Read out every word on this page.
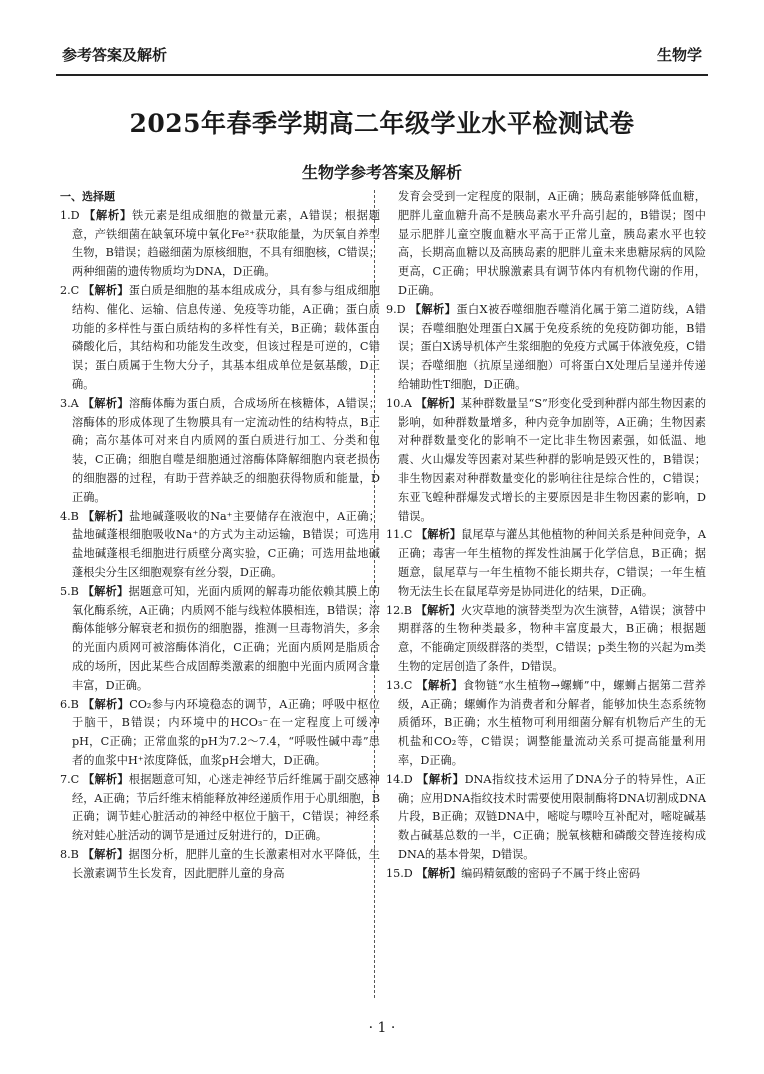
参考答案及解析	生物学
2025年春季学期高二年级学业水平检测试卷
生物学参考答案及解析

一、选择题

1.D 【解析】铁元素是组成细胞的微量元素，A错误；根据题意，产铁细菌在缺氧环境中氧化Fe²⁺获取能量，为厌氧自养型生物，B错误；趋磁细菌为原核细胞，不具有细胞核，C错误；两种细菌的遗传物质均为DNA，D正确。

2.C 【解析】蛋白质是细胞的基本组成成分，具有参与组成细胞结构、催化、运输、信息传递、免疫等功能，A正确；蛋白质功能的多样性与蛋白质结构的多样性有关，B正确；载体蛋白磷酸化后，其结构和功能发生改变，但该过程是可逆的，C错误；蛋白质属于生物大分子，其基本组成单位是氨基酸，D正确。

3.A 【解析】溶酶体酶为蛋白质，合成场所在核糖体，A错误；溶酶体的形成体现了生物膜具有一定流动性的结构特点，B正确；高尔基体可对来自内质网的蛋白质进行加工、分类和包装，C正确；细胞自噬是细胞通过溶酶体降解细胞内衰老损伤的细胞器的过程，有助于营养缺乏的细胞获得物质和能量，D正确。

4.B 【解析】盐地碱蓬吸收的Na⁺主要储存在液泡中，A正确；盐地碱蓬根细胞吸收Na⁺的方式为主动运输，B错误；可选用盐地碱蓬根毛细胞进行质壁分离实验，C正确；可选用盐地碱蓬根尖分生区细胞观察有丝分裂，D正确。

5.B 【解析】据题意可知，光面内质网的解毒功能依赖其膜上的氧化酶系统，A正确；内质网不能与线粒体膜相连，B错误；溶酶体能够分解衰老和损伤的细胞器，推测一旦毒物消失，多余的光面内质网可被溶酶体消化，C正确；光面内质网是脂质合成的场所，因此某些合成固醇类激素的细胞中光面内质网含量丰富，D正确。

6.B 【解析】CO₂参与内环境稳态的调节，A正确；呼吸中枢位于脑干，B错误；内环境中的HCO₃⁻在一定程度上可缓冲pH，C正确；正常血浆的pH为7.2～7.4，“呼吸性碱中毒”患者的血浆中H⁺浓度降低，血浆pH会增大，D正确。

7.C 【解析】根据题意可知，心迷走神经节后纤维属于副交感神经，A正确；节后纤维末梢能释放神经递质作用于心肌细胞，B正确；调节蛙心脏活动的神经中枢位于脑干，C错误；神经系统对蛙心脏活动的调节是通过反射进行的，D正确。

8.B 【解析】据图分析，肥胖儿童的生长激素相对水平降低，生长激素调节生长发育，因此肥胖儿童的身高

发育会受到一定程度的限制，A正确；胰岛素能够降低血糖，肥胖儿童血糖升高不是胰岛素水平升高引起的，B错误；图中显示肥胖儿童空腹血糖水平高于正常儿童，胰岛素水平也较高，长期高血糖以及高胰岛素的肥胖儿童未来患糖尿病的风险更高，C正确；甲状腺激素具有调节体内有机物代谢的作用，D正确。

9.D 【解析】蛋白X被吞噬细胞吞噬消化属于第二道防线，A错误；吞噬细胞处理蛋白X属于免疫系统的免疫防御功能，B错误；蛋白X诱导机体产生浆细胞的免疫方式属于体液免疫，C错误；吞噬细胞（抗原呈递细胞）可将蛋白X处理后呈递并传递给辅助性T细胞，D正确。

10.A 【解析】某种群数量呈“S”形变化受到种群内部生物因素的影响，如种群数量增多，种内竞争加剧等，A正确；生物因素对种群数量变化的影响不一定比非生物因素强，如低温、地震、火山爆发等因素对某些种群的影响是毁灭性的，B错误；非生物因素对种群数量变化的影响往往是综合性的，C错误；东亚飞蝗种群爆发式增长的主要原因是非生物因素的影响，D错误。

11.C 【解析】鼠尾草与灌丛其他植物的种间关系是种间竞争，A正确；毒害一年生植物的挥发性油属于化学信息，B正确；据题意，鼠尾草与一年生植物不能长期共存，C错误；一年生植物无法生长在鼠尾草旁是协同进化的结果，D正确。

12.B 【解析】火灾草地的演替类型为次生演替，A错误；演替中期群落的生物种类最多，物种丰富度最大，B正确；根据题意，不能确定顶级群落的类型，C错误；p类生物的兴起为m类生物的定居创造了条件，D错误。

13.C 【解析】食物链“水生植物→螺蛳”中，螺蛳占据第二营养级，A正确；螺蛳作为消费者和分解者，能够加快生态系统物质循环，B正确；水生植物可利用细菌分解有机物后产生的无机盐和CO₂等，C错误；调整能量流动关系可提高能量利用率，D正确。

14.D 【解析】DNA指纹技术运用了DNA分子的特异性，A正确；应用DNA指纹技术时需要使用限制酶将DNA切割成DNA片段，B正确；双链DNA中，嘧啶与嘌呤互补配对，嘧啶碱基数占碱基总数的一半，C正确；脱氧核糖和磷酸交替连接构成DNA的基本骨架，D错误。

15.D 【解析】编码精氨酸的密码子不属于终止密码

· 1 ·
